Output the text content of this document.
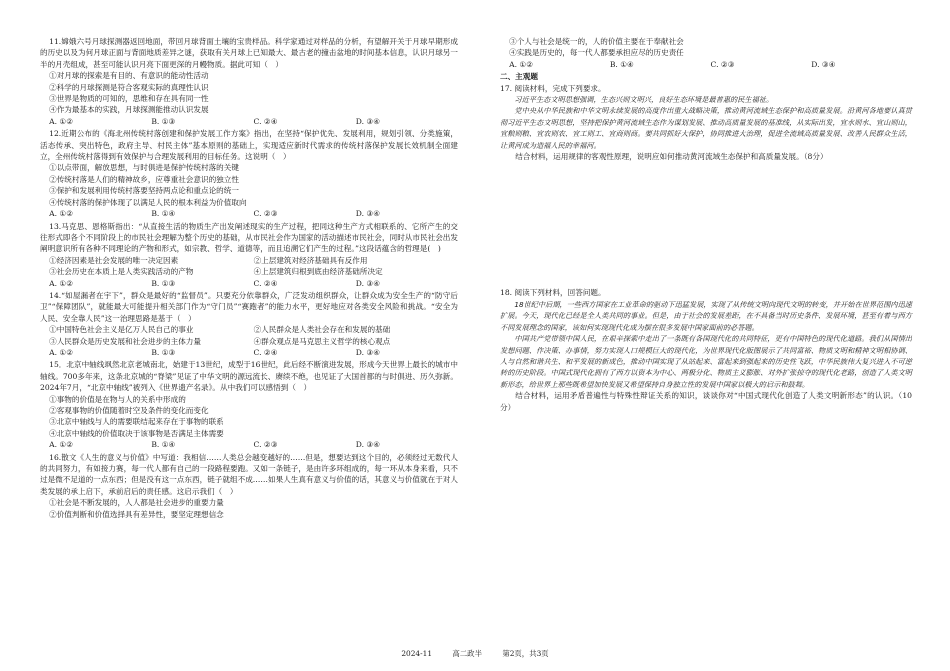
11.嫦娥六号月球探测器返回地面，带回月球背面土壤的宝贵样品。科学家通过对样品的分析，有望解开关于月球早期形成的历史以及为何月球正面与背面地质差异之谜，获取有关月球上已知最大、最古老的撞击盆地的时间基本信息，认识月球另一半的月壳组成，甚至可能认识月亮下面更深的月幔物质。据此可知（　）

①对月球的探索是有目的、有意识的能动性活动

②科学的月球探测是符合客观实际的真理性认识

③世界是物质的可知的，思维和存在具有同一性

④作为最基本的实践，月球探测能推动认识发展

A. ①②	B. ①③	C. ②④	D. ③④

12.近期公布的《海北州传统村落创建和保护发展工作方案》指出，在坚持“保护优先、发展利用，规划引领、分类施策，活态传承、突出特色，政府主导、村民主体”基本原则的基础上，实现适应新时代需求的传统村落保护发展长效机制全面建立，全州传统村落得到有效保护与合理发展利用的目标任务。这说明（　）

①以点带面，解放思想，与时俱进是保护传统村落的关键

②传统村落是人们的精神故乡，应尊重社会意识的独立性

③保护和发展利用传统村落要坚持两点论和重点论的统一

④传统村落的保护体现了以满足人民的根本利益为价值取向

A. ①②	B. ①④	C. ②③	D. ③④

13.马克思、恩格斯指出：“从直接生活的物质生产出发阐述现实的生产过程，把同这种生产方式相联系的、它所产生的交往形式即各个不同阶段上的市民社会理解为整个历史的基础，从市民社会作为国家的活动描述市民社会，同时从市民社会出发阐明意识所有各种不同理论的产物和形式，如宗教、哲学、道德等，而且追溯它们产生的过程。”这段话蕴含的哲理是(　)

①经济因素是社会发展的唯一决定因素	②上层建筑对经济基础具有反作用
③社会历史在本质上是人类实践活动的产物	④上层建筑归根到底由经济基础所决定
A. ①②	B. ①③	C. ②④	D. ③④

14.“如屋漏者在宇下”，群众是最好的“监督员”。只要充分依靠群众，广泛发动组织群众，让群众成为安全生产的“防守后卫”“保障团队”，就能最大可能提升相关部门作为“守门员”“赛跑者”的能力水平，更好地应对各类安全风险和挑战。“安全为人民、安全靠人民”这一治理思路是基于（　）

①中国特色社会主义是亿万人民自己的事业	②人民群众是人类社会存在和发展的基础
③人民群众是历史发展和社会进步的主体力量	④群众观点是马克思主义哲学的核心观点
A. ①②	B. ①③	C. ②④	D. ③④

15．北京中轴线飒然北京老城南北，始建于13世纪，成型于16世纪，此后经不断演进发展，形成今天世界上最长的城市中轴线。700多年来，这条北京城的“脊梁”见证了中华文明的源远流长、赓续不绝，也见证了大国首都的与时俱进、历久弥新。2024年7月，“北京中轴线”被列入《世界遗产名录》。从中我们可以感悟到（　）

①事物的价值是在物与人的关系中形成的

②客观事物的价值随着时空及条件的变化而变化

③北京中轴线与人的需要联结起来存在于事物的联系

④北京中轴线的价值取决于该事物是否满足主体需要

A. ①②	B. ①④	C. ②③	D. ③④

16.散文《人生的意义与价值》中写道：我相信……人类总会越变越好的……但是，想要达到这个目的，必须经过无数代人的共同努力，有如接力赛，每一代人都有自己的一段路程要跑。又如一条链子，是由许多环组成的，每一环从本身来看，只不过是微不足道的一点东西；但是没有这一点东西，链子就组不成……如果人生真有意义与价值的话，其意义与价值就在于对人类发展的承上启下，承前启后的责任感。这启示我们（　）

①社会是不断发展的，人人都是社会进步的重要力量

②价值判断和价值选择具有差异性，要坚定理想信念

③个人与社会是统一的，人的价值主要在于奉献社会

④实践是历史的，每一代人都要承担应尽的历史责任

A. ①②	B. ①④	C. ②③	D. ③④

二、主观题

17. 阅读材料，完成下列要求。

习近平生态文明思想强调，生态兴则文明兴，良好生态环境是最普惠的民生福祉。

党中央从中华民族和中华文明永续发展的高度作出重大战略决策，推动黄河流域生态保护和高质量发展。沿黄河各地要认真贯彻习近平生态文明思想，坚持把保护黄河流域生态作为谋划发展、推动高质量发展的基准线，从实际出发，宜水则水、宜山则山，宜粮则粮、宜农则农、宜工则工、宜商则商。要共同抓好大保护，协同推进大治理，促进全流域高质量发展、改善人民群众生活，让黄河成为造福人民的幸福河。

结合材料，运用规律的客观性原理，说明应如何推动黄河流域生态保护和高质量发展。（8分）

18. 阅读下列材料，回答问题。

18世纪中后期，一些西方国家在工业革命的驱动下迅猛发展，实现了从传统文明向现代文明的转变，并开始在世界范围内迅速扩展。今天，现代化已经是全人类共同的事业。但是，由于社会的发展差距，在不具备当时历史条件、发展环境，甚至有着与西方不同发展理念的国家，该如何实现现代化成为摆在很多发展中国家面前的必答题。

中国共产党带领中国人民，在艰辛探索中走出了一条既有各国现代化的共同特征，更有中国特色的现代化道路。我们从国情出发想问题、作决策、办事情，努力实现人口规模巨大的现代化，为世界现代化版图展示了共同富裕、物质文明和精神文明相协调、人与自然和谐共生、和平发展的新成色，推动中国实现了从站起来、富起来到强起来的历史性飞跃，中华民族伟大复兴进入不可逆转的历史阶段。中国式现代化拥有了西方以资本为中心、两极分化、物质主义膨胀、对外扩张掠夺的现代化老路，创造了人类文明新形态，给世界上那些既希望加快发展又希望保持自身独立性的发展中国家以极大的启示和鼓舞。

结合材料，运用矛盾普遍性与特殊性辩证关系的知识，谈谈你对“中国式现代化创造了人类文明新形态”的认识。（10分）

2024-11	高二政半	第2页，共3页
